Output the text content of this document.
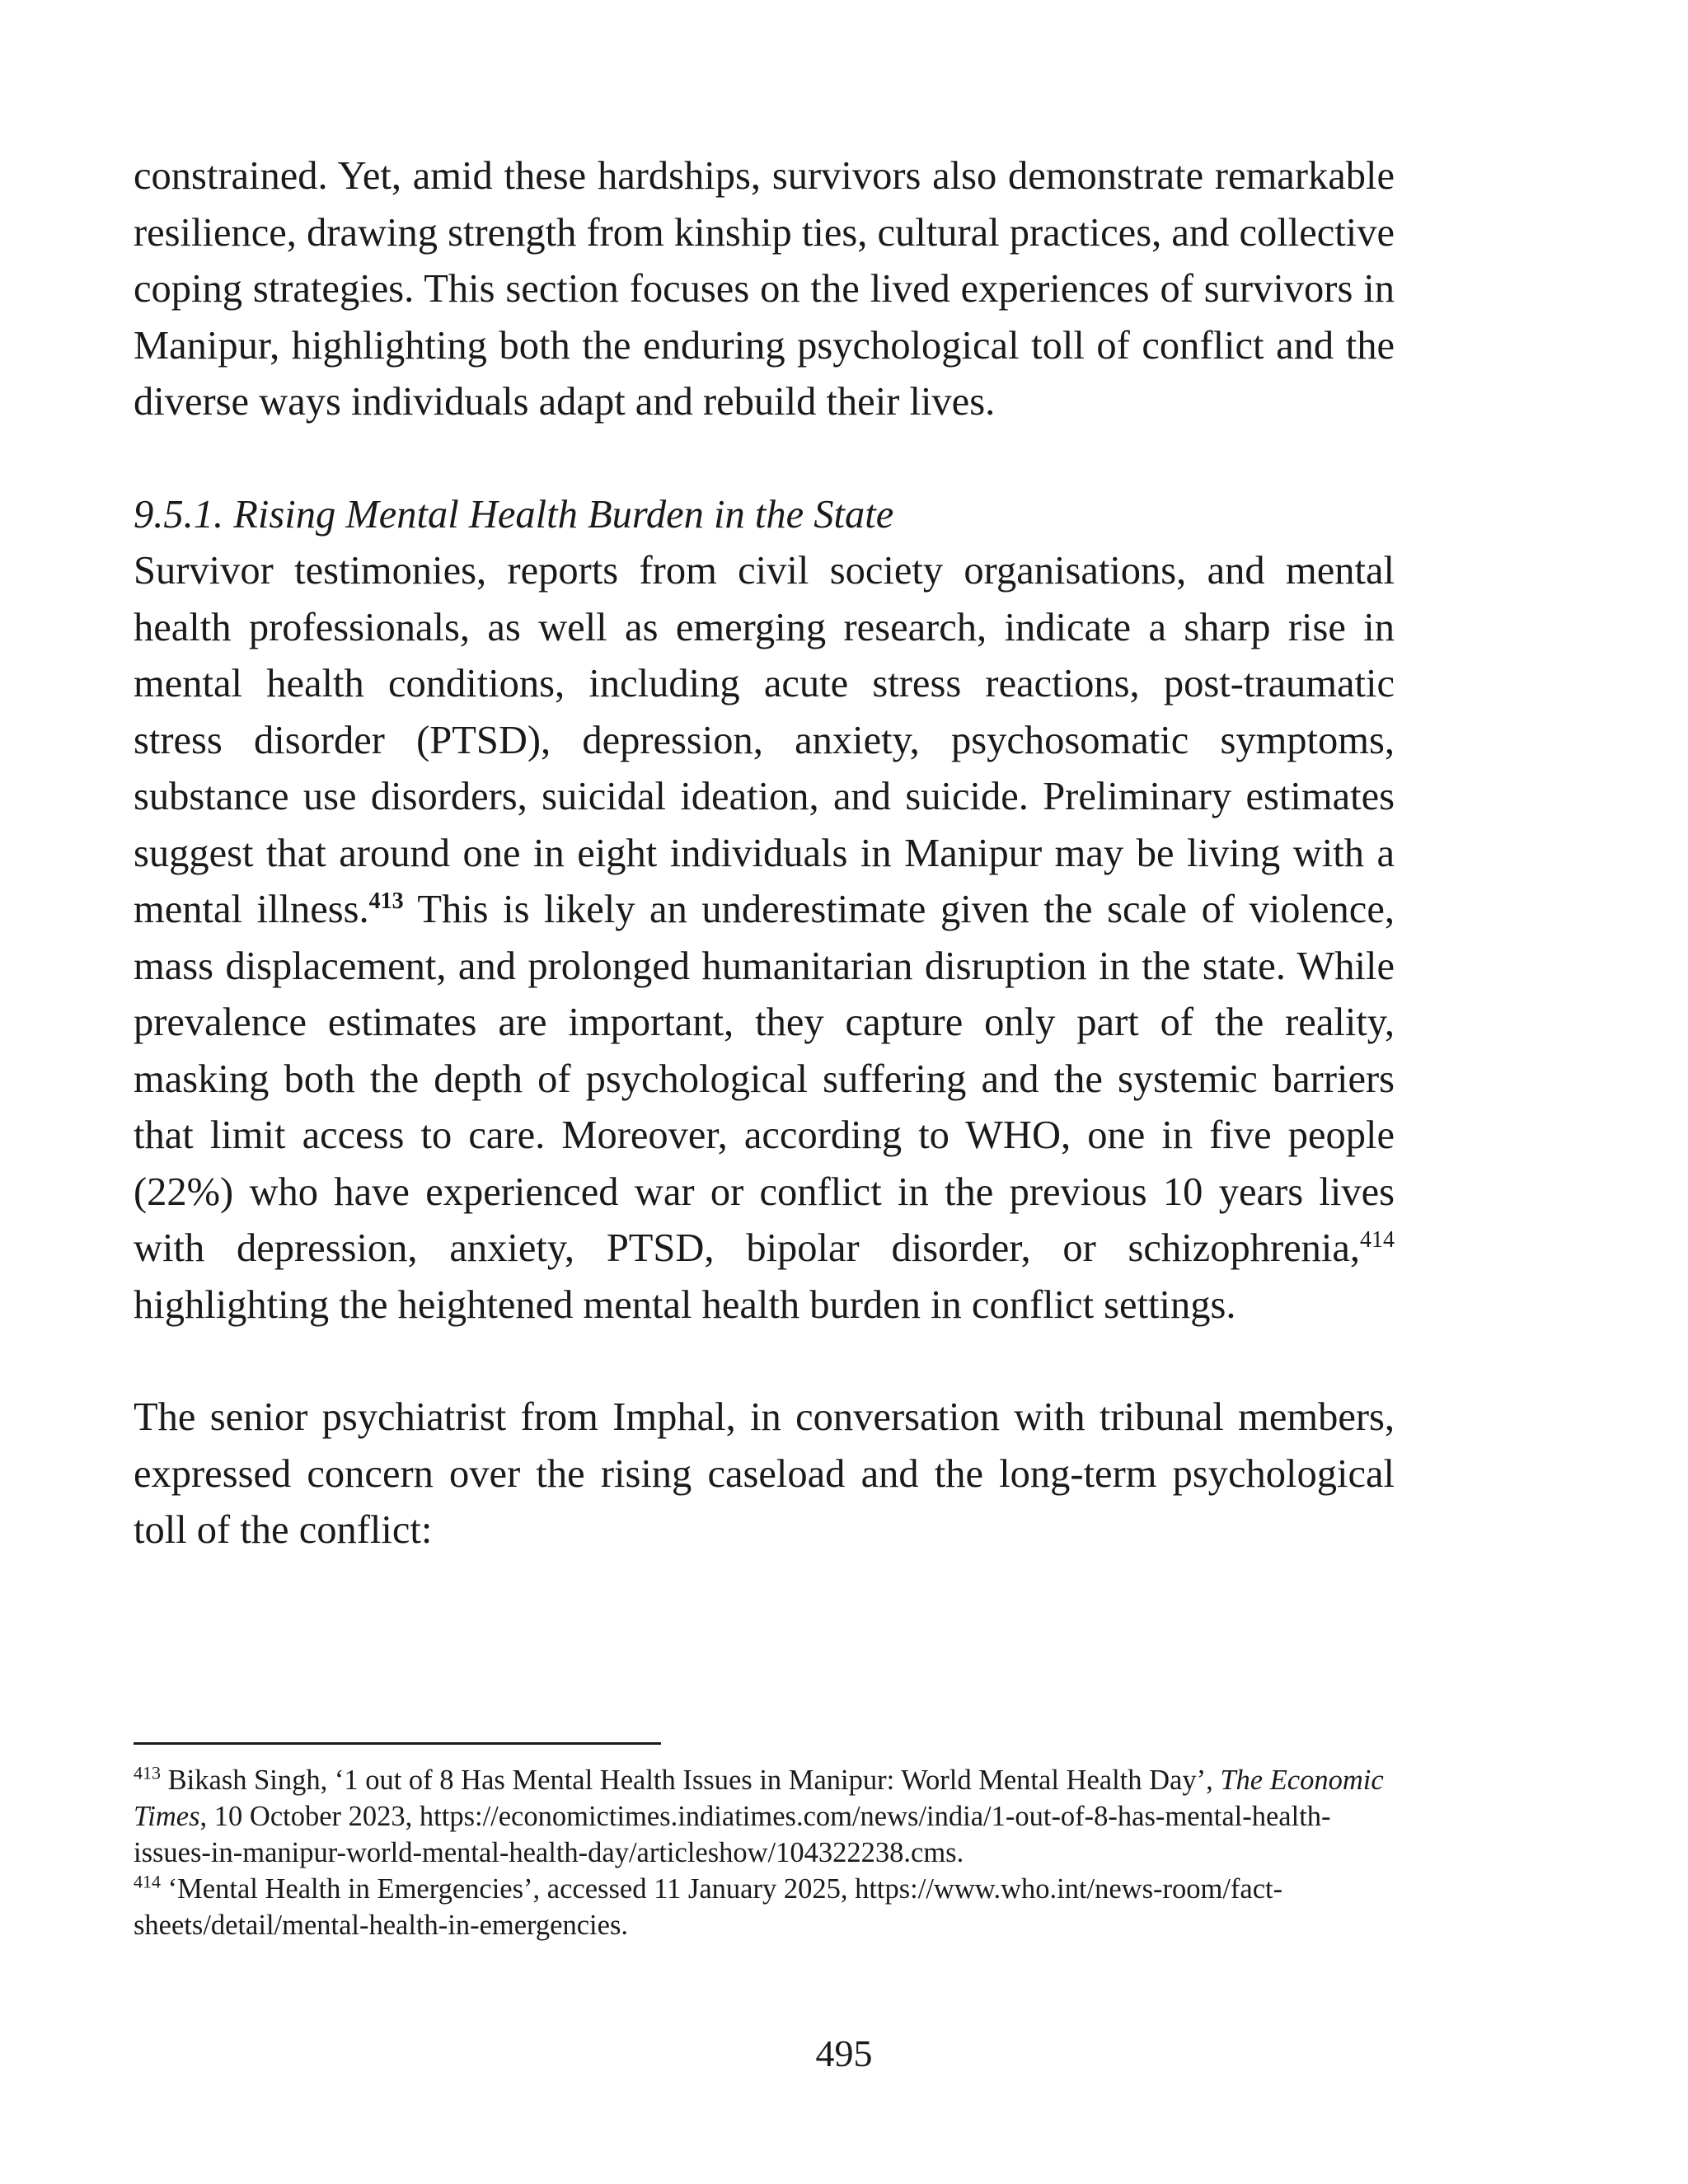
constrained. Yet, amid these hardships, survivors also demonstrate remarkable resilience, drawing strength from kinship ties, cultural practices, and collective coping strategies. This section focuses on the lived experiences of survivors in Manipur, highlighting both the enduring psychological toll of conflict and the diverse ways individuals adapt and rebuild their lives.

9.5.1. Rising Mental Health Burden in the State

Survivor testimonies, reports from civil society organisations, and mental health professionals, as well as emerging research, indicate a sharp rise in mental health conditions, including acute stress reactions, post-traumatic stress disorder (PTSD), depression, anxiety, psychosomatic symptoms, substance use disorders, suicidal ideation, and suicide. Preliminary estimates suggest that around one in eight individuals in Manipur may be living with a mental illness.$^{413}$ This is likely an underestimate given the scale of violence, mass displacement, and prolonged humanitarian disruption in the state. While prevalence estimates are important, they capture only part of the reality, masking both the depth of psychological suffering and the systemic barriers that limit access to care. Moreover, according to WHO, one in five people (22%) who have experienced war or conflict in the previous 10 years lives with depression, anxiety, PTSD, bipolar disorder, or schizophrenia,$^{414}$ highlighting the heightened mental health burden in conflict settings.

The senior psychiatrist from Imphal, in conversation with tribunal members, expressed concern over the rising caseload and the long-term psychological toll of the conflict:

$^{413}$ Bikash Singh, ‘1 out of 8 Has Mental Health Issues in Manipur: World Mental Health Day’, The Economic Times, 10 October 2023, https://economictimes.indiatimes.com/news/india/1-out-of-8-has-mental-health-issues-in-manipur-world-mental-health-day/articleshow/104322238.cms.

$^{414}$ ‘Mental Health in Emergencies’, accessed 11 January 2025, https://www.who.int/news-room/fact-sheets/detail/mental-health-in-emergencies.

495
